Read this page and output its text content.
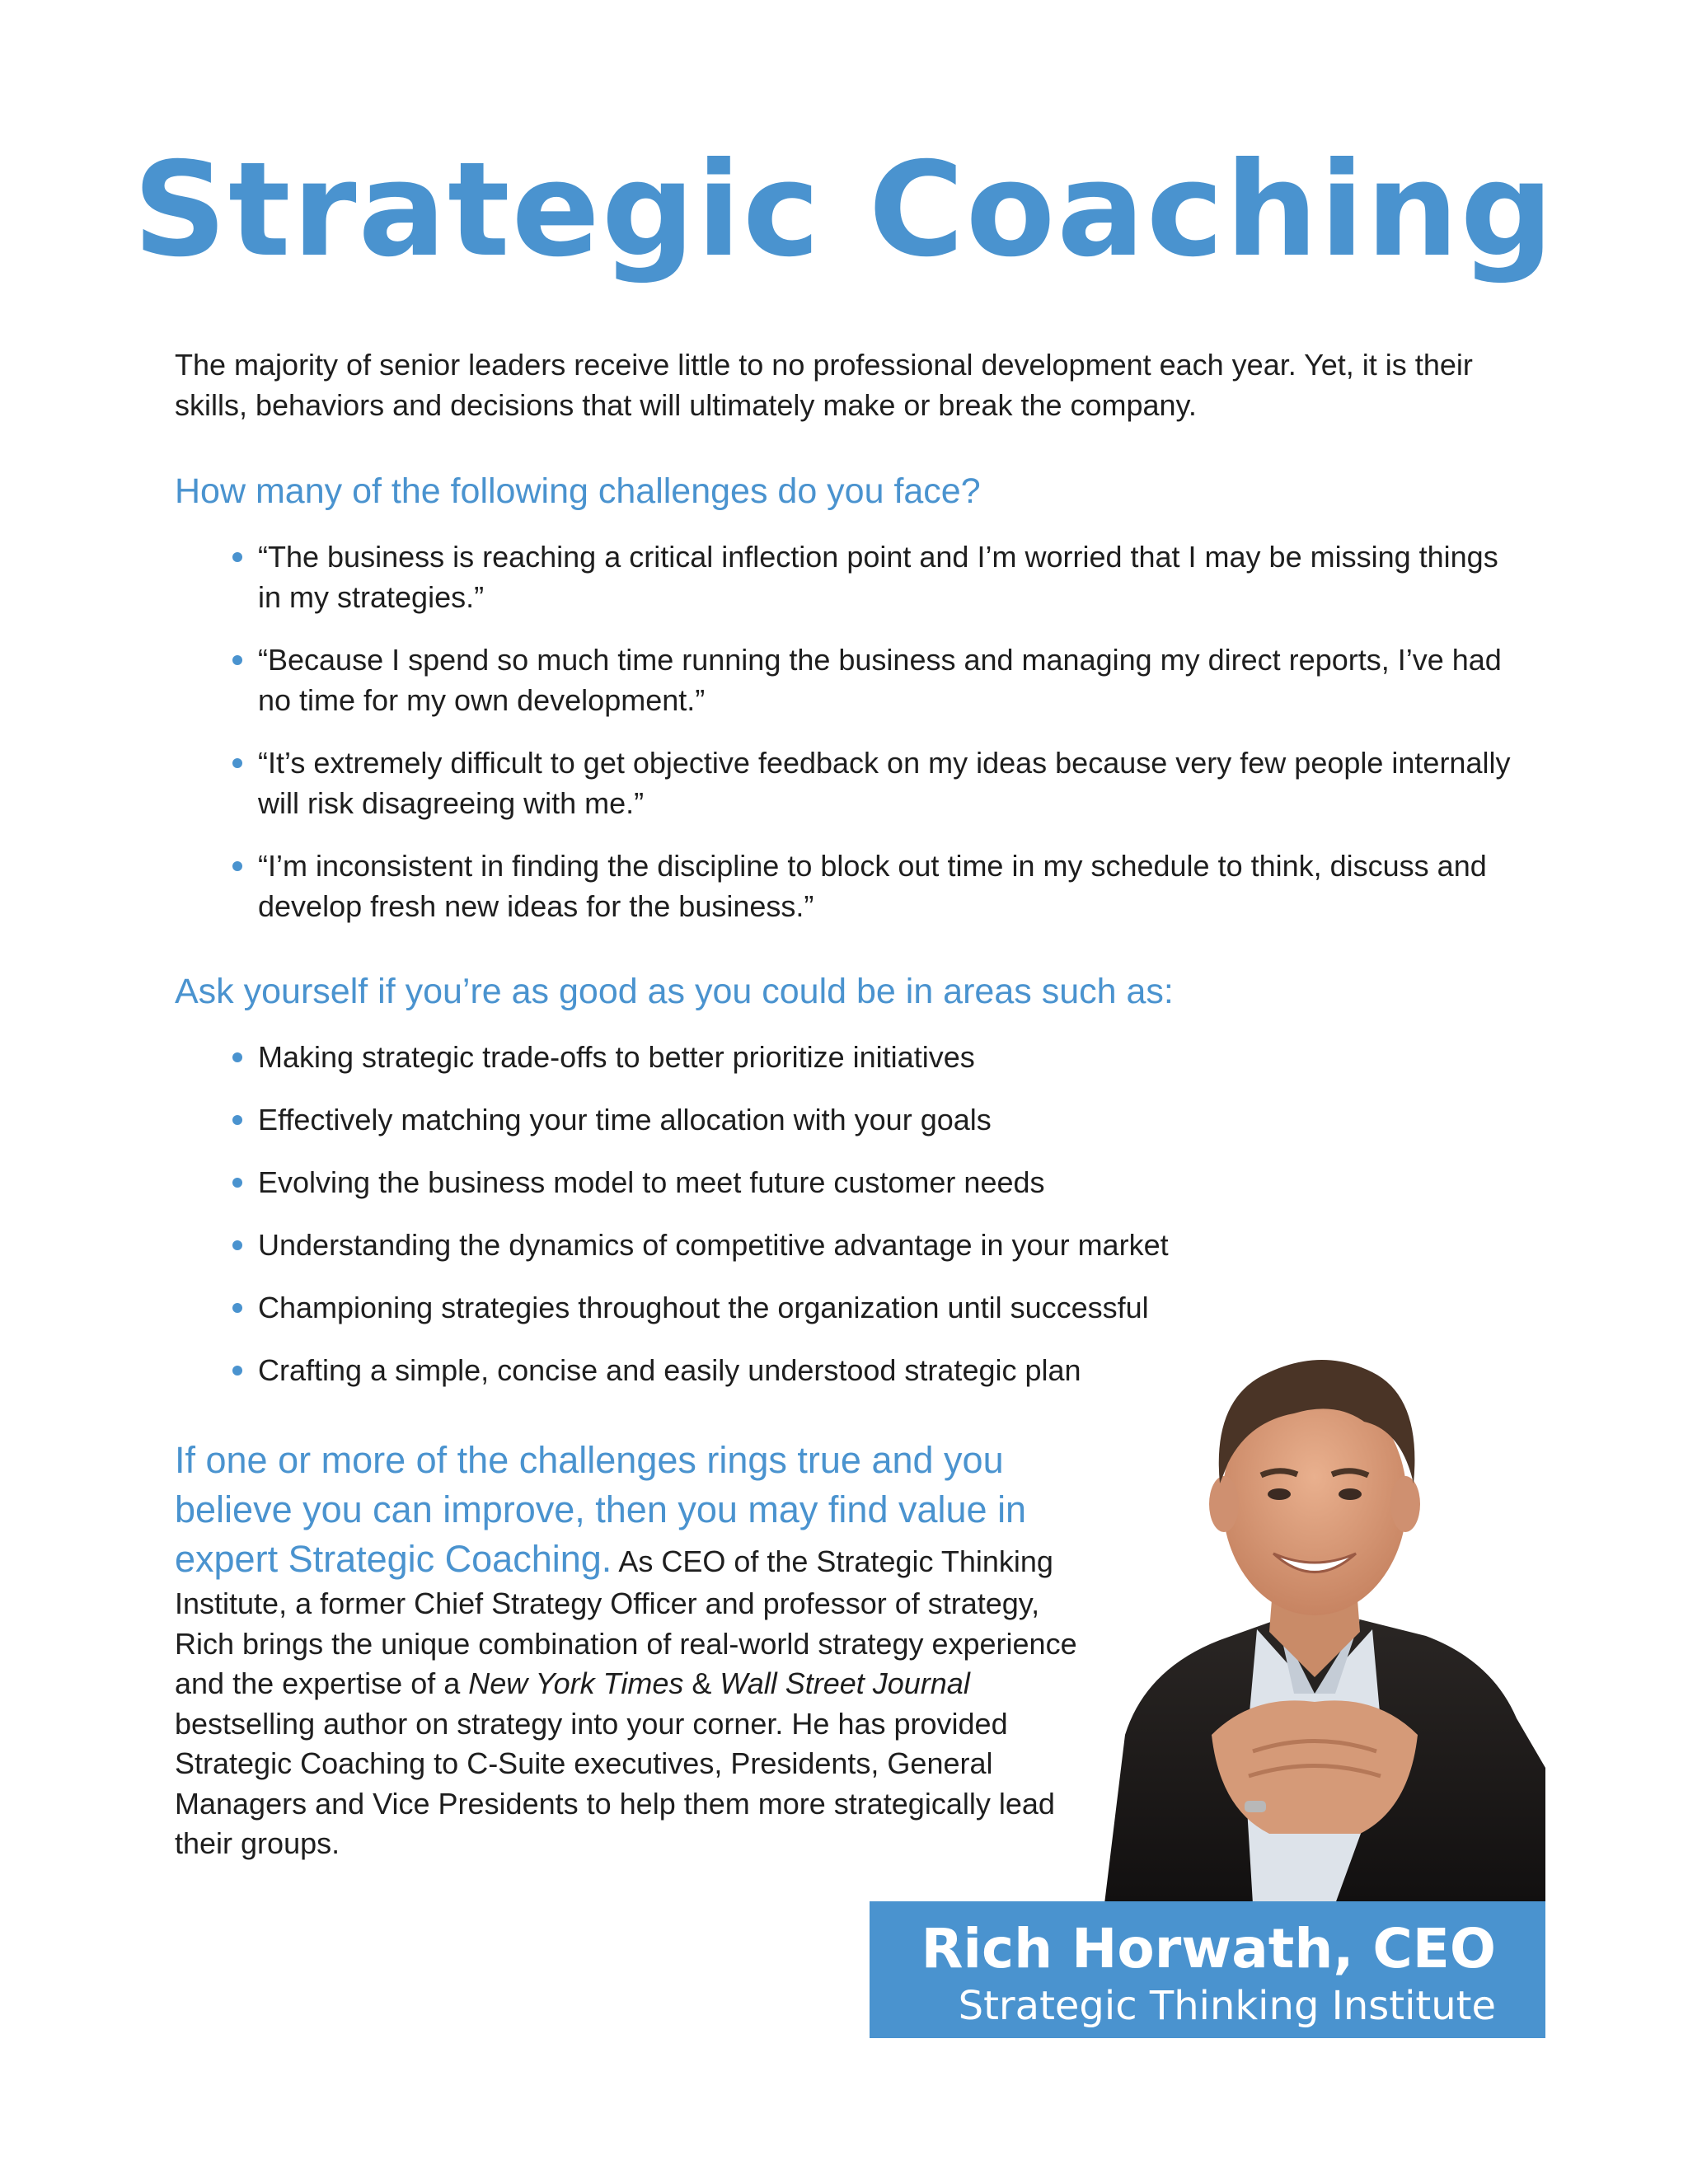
Strategic Coaching

The majority of senior leaders receive little to no professional development each year. Yet, it is their skills, behaviors and decisions that will ultimately make or break the company.

How many of the following challenges do you face?
“The business is reaching a critical inflection point and I’m worried that I may be missing things in my strategies.”
“Because I spend so much time running the business and managing my direct reports, I’ve had no time for my own development.”
“It’s extremely difficult to get objective feedback on my ideas because very few people internally will risk disagreeing with me.”
“I’m inconsistent in finding the discipline to block out time in my schedule to think, discuss and develop fresh new ideas for the business.”
Ask yourself if you’re as good as you could be in areas such as:
Making strategic trade-offs to better prioritize initiatives
Effectively matching your time allocation with your goals
Evolving the business model to meet future customer needs
Understanding the dynamics of competitive advantage in your market
Championing strategies throughout the organization until successful
Crafting a simple, concise and easily understood strategic plan

If one or more of the challenges rings true and you believe you can improve, then you may find value in expert Strategic Coaching. As CEO of the Strategic Thinking Institute, a former Chief Strategy Officer and professor of strategy, Rich brings the unique combination of real-world strategy experience and the expertise of a New York Times & Wall Street Journal bestselling author on strategy into your corner. He has provided Strategic Coaching to C-Suite executives, Presidents, General Managers and Vice Presidents to help them more strategically lead their groups.

Rich Horwath, CEO
Strategic Thinking Institute
